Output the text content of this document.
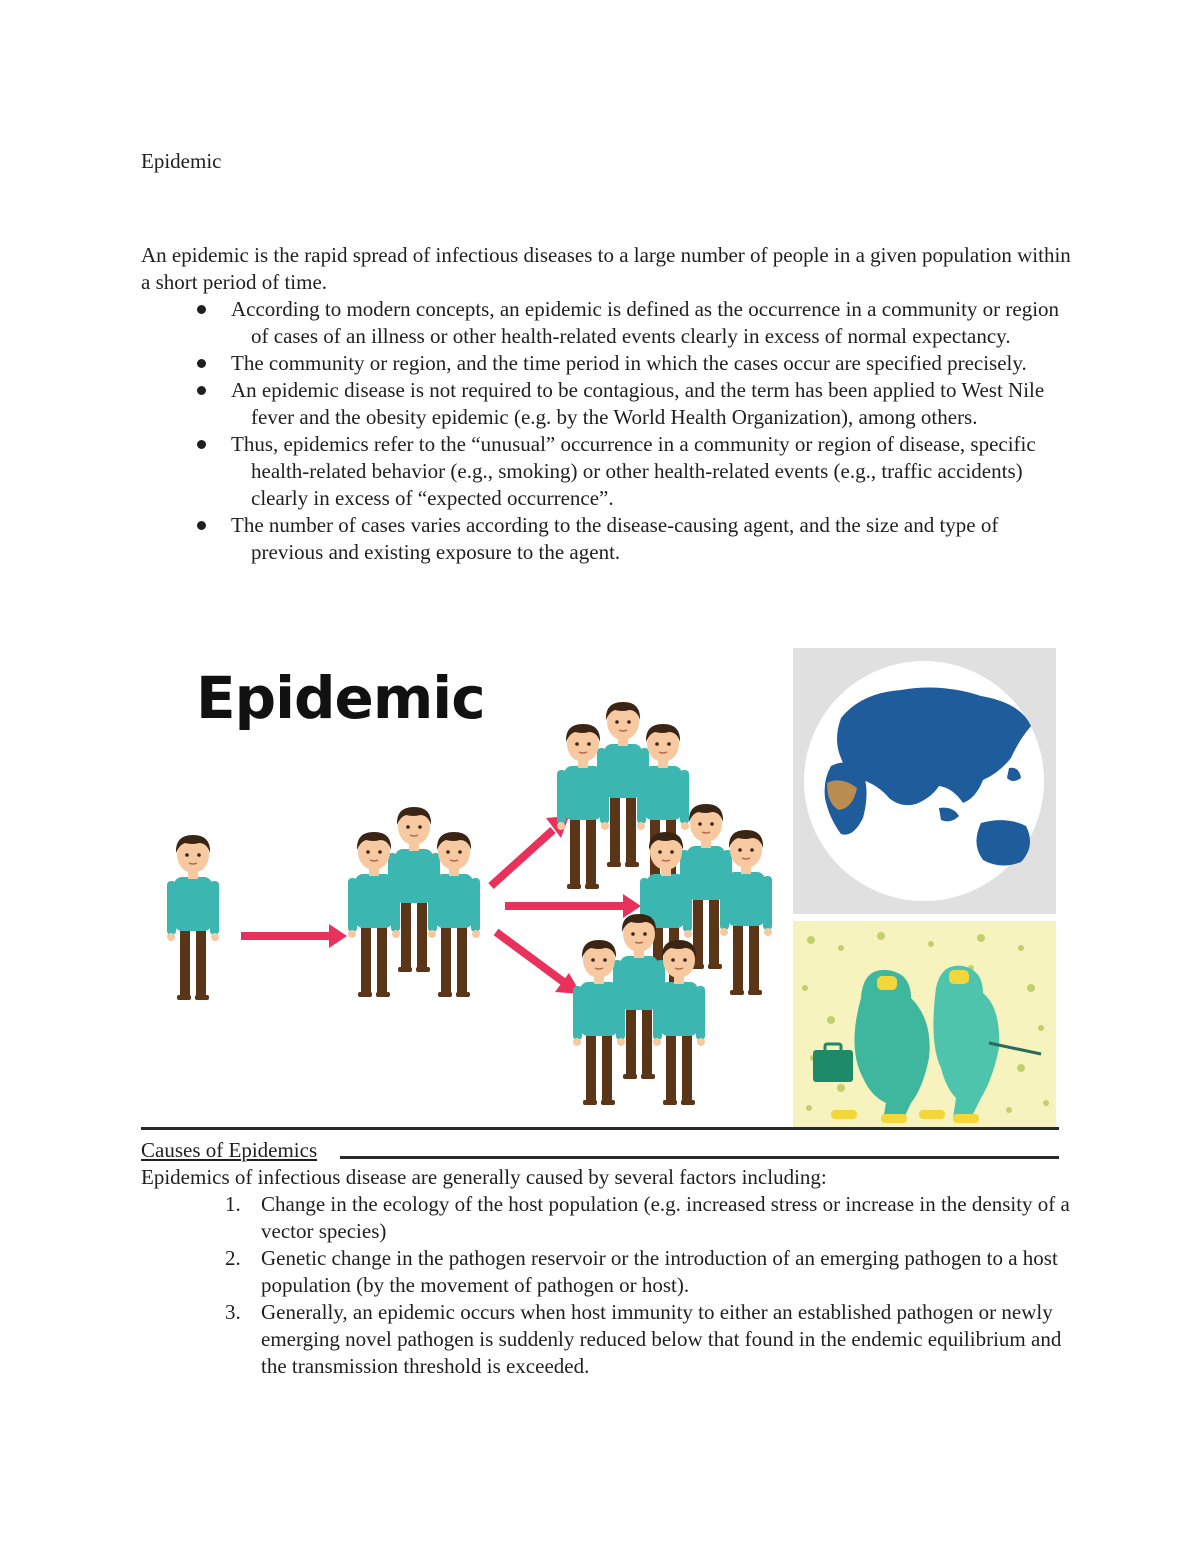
Epidemic

An epidemic is the rapid spread of infectious diseases to a large number of people in a given population within a short period of time.

According to modern concepts, an epidemic is defined as the occurrence in a community or region of cases of an illness or other health-related events clearly in excess of normal expectancy.
The community or region, and the time period in which the cases occur are specified precisely.
An epidemic disease is not required to be contagious, and the term has been applied to West Nile fever and the obesity epidemic (e.g. by the World Health Organization), among others.
Thus, epidemics refer to the “unusual” occurrence in a community or region of disease, specific health-related behavior (e.g., smoking) or other health-related events (e.g., traffic accidents) clearly in excess of “expected occurrence”.
The number of cases varies according to the disease-causing agent, and the size and type of previous and existing exposure to the agent.
Epidemic
Causes of Epidemics

Epidemics of infectious disease are generally caused by several factors including:

1. Change in the ecology of the host population (e.g. increased stress or increase in the density of a vector species)
2. Genetic change in the pathogen reservoir or the introduction of an emerging pathogen to a host population (by the movement of pathogen or host).
3. Generally, an epidemic occurs when host immunity to either an established pathogen or newly emerging novel pathogen is suddenly reduced below that found in the endemic equilibrium and the transmission threshold is exceeded.
